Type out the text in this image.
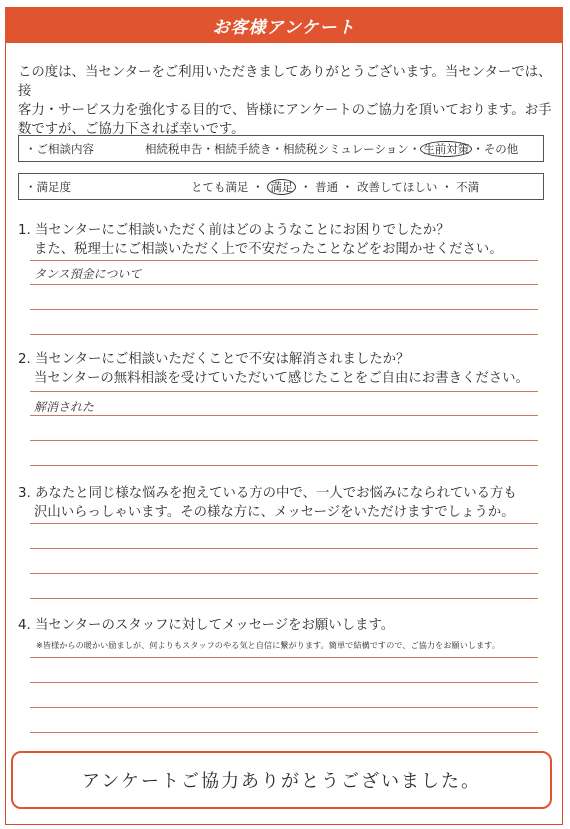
お客様アンケート
この度は、当センターをご利用いただきましてありがとうございます。当センターでは、接
客力・サービス力を強化する目的で、皆様にアンケートのご協力を頂いております。お手
数ですが、ご協力下されば幸いです。
・ご相談内容	相続税申告・相続手続き・相続税シミュレーション・ 生前対策 ・その他
・満足度	とても満足 ・ 満足 ・ 普通 ・ 改善してほしい ・ 不満
1. 当センターにご相談いただく前はどのようなことにお困りでしたか？
また、税理士にご相談いただく上で不安だったことなどをお聞かせください。
タンス預金について
2. 当センターにご相談いただくことで不安は解消されましたか？
当センターの無料相談を受けていただいて感じたことをご自由にお書きください。
解消された
3. あなたと同じ様な悩みを抱えている方の中で、一人でお悩みになられている方も
沢山いらっしゃいます。その様な方に、メッセージをいただけますでしょうか。
4. 当センターのスタッフに対してメッセージをお願いします。
※皆様からの暖かい励ましが、何よりもスタッフのやる気と自信に繋がります。簡単で結構ですので、ご協力をお願いします。
アンケートご協力ありがとうございました。
